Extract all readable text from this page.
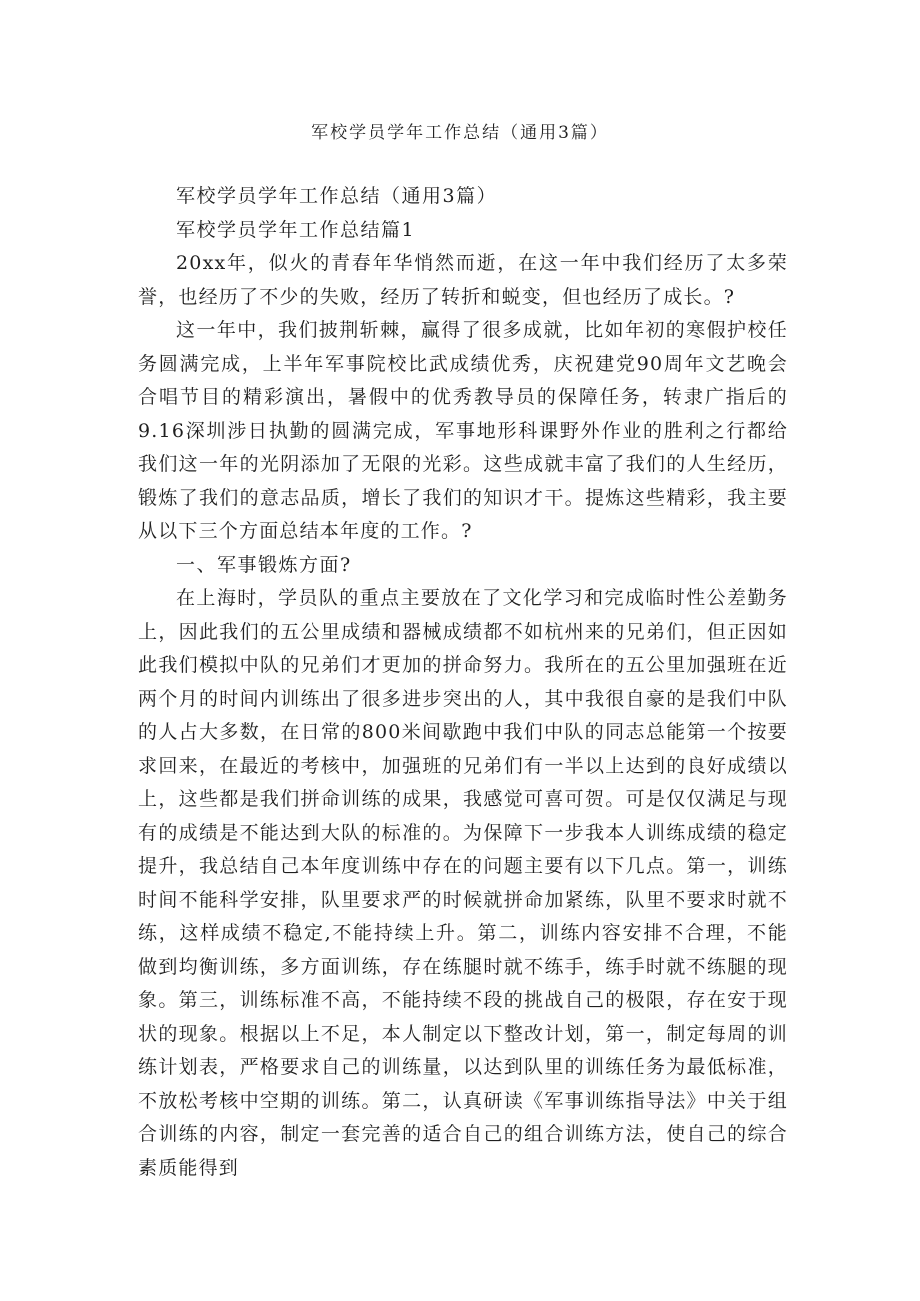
军校学员学年工作总结（通用3篇）

军校学员学年工作总结（通用3篇）

军校学员学年工作总结篇1

20xx年，似火的青春年华悄然而逝，在这一年中我们经历了太多荣誉，也经历了不少的失败，经历了转折和蜕变，但也经历了成长。?

这一年中，我们披荆斩棘，赢得了很多成就，比如年初的寒假护校任务圆满完成，上半年军事院校比武成绩优秀，庆祝建党90周年文艺晚会合唱节目的精彩演出，暑假中的优秀教导员的保障任务，转隶广指后的9.16深圳涉日执勤的圆满完成，军事地形科课野外作业的胜利之行都给我们这一年的光阴添加了无限的光彩。这些成就丰富了我们的人生经历，锻炼了我们的意志品质，增长了我们的知识才干。提炼这些精彩，我主要从以下三个方面总结本年度的工作。?

一、军事锻炼方面?

在上海时，学员队的重点主要放在了文化学习和完成临时性公差勤务上，因此我们的五公里成绩和器械成绩都不如杭州来的兄弟们，但正因如此我们模拟中队的兄弟们才更加的拼命努力。我所在的五公里加强班在近两个月的时间内训练出了很多进步突出的人，其中我很自豪的是我们中队的人占大多数，在日常的800米间歇跑中我们中队的同志总能第一个按要求回来，在最近的考核中，加强班的兄弟们有一半以上达到的良好成绩以上，这些都是我们拼命训练的成果，我感觉可喜可贺。可是仅仅满足与现有的成绩是不能达到大队的标准的。为保障下一步我本人训练成绩的稳定提升，我总结自己本年度训练中存在的问题主要有以下几点。第一，训练时间不能科学安排，队里要求严的时候就拼命加紧练，队里不要求时就不练，这样成绩不稳定,不能持续上升。第二，训练内容安排不合理，不能做到均衡训练，多方面训练，存在练腿时就不练手，练手时就不练腿的现象。第三，训练标准不高，不能持续不段的挑战自己的极限，存在安于现状的现象。根据以上不足，本人制定以下整改计划，第一，制定每周的训练计划表，严格要求自己的训练量，以达到队里的训练任务为最低标准，不放松考核中空期的训练。第二，认真研读《军事训练指导法》中关于组合训练的内容，制定一套完善的适合自己的组合训练方法，使自己的综合素质能得到
